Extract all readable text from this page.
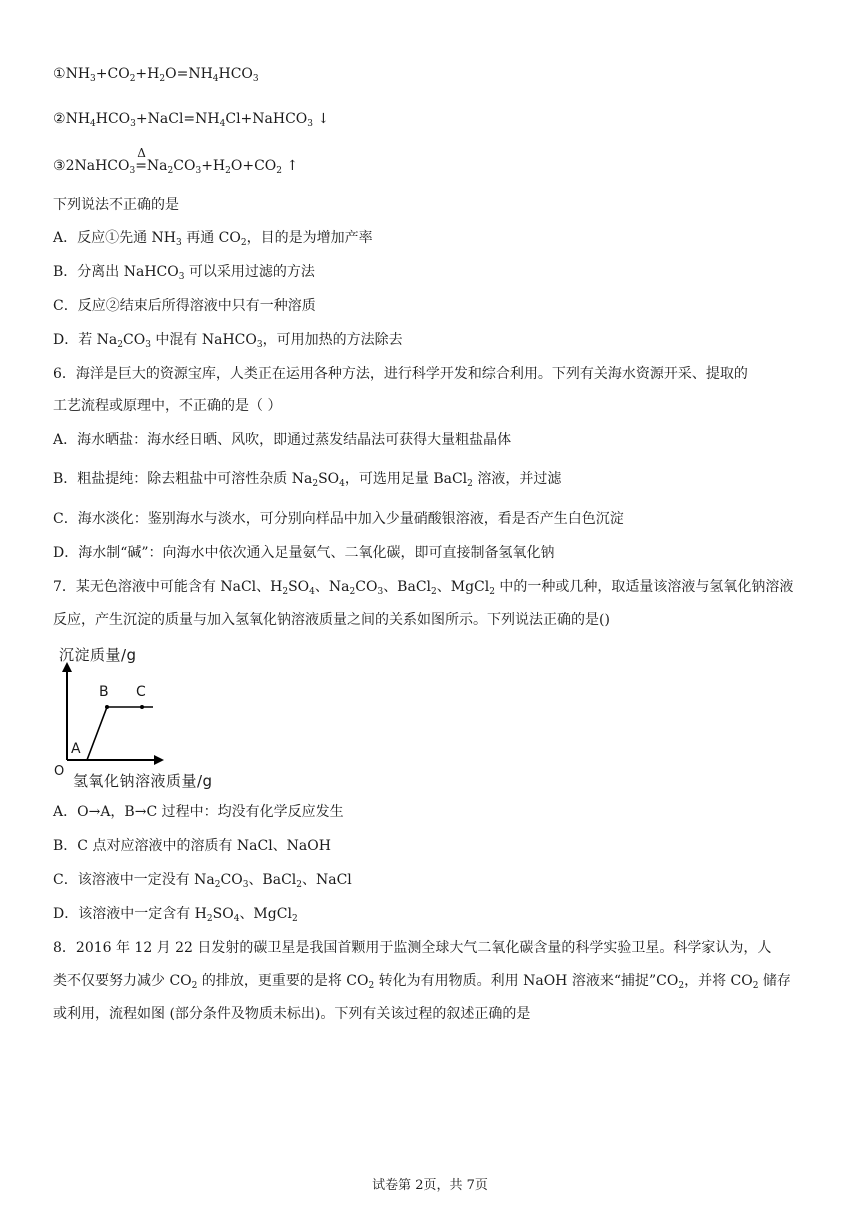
$①NH_3+CO_2+H_2O=NH_4HCO_3$
$②NH_4HCO_3+NaCl=NH_4Cl+NaHCO_3$ ↓
③2NaHCO$_3$
Δ
$=Na_2CO_3+H_2O+CO_2$ ↑
下列说法不正确的是
A．反应①先通 $NH_3$ 再通 $CO_2$，目的是为增加产率
B．分离出 NaHCO$_3$ 可以采用过滤的方法
C．反应②结束后所得溶液中只有一种溶质
D．若 $Na_2CO_3$ 中混有 NaHCO$_3$，可用加热的方法除去
6．海洋是巨大的资源宝库，人类正在运用各种方法，进行科学开发和综合利用。下列有关海水资源开采、提取的
工艺流程或原理中，不正确的是（ ）
A．海水晒盐：海水经日晒、风吹，即通过蒸发结晶法可获得大量粗盐晶体
B．粗盐提纯：除去粗盐中可溶性杂质 $Na_2SO_4$，可选用足量 BaCl$_2$ 溶液，并过滤
C．海水淡化：鉴别海水与淡水，可分别向样品中加入少量硝酸银溶液，看是否产生白色沉淀
D．海水制“碱”：向海水中依次通入足量氨气、二氧化碳，即可直接制备氢氧化钠
7．某无色溶液中可能含有 NaCl、$H_2SO_4$、$Na_2CO_3$、BaCl$_2$、MgCl$_2$ 中的一种或几种，取适量该溶液与氢氧化钠溶液
反应，产生沉淀的质量与加入氢氧化钠溶液质量之间的关系如图所示。下列说法正确的是()
沉淀质量/g
O
A
B C
氢氧化钠溶液质量/g
A．O→A，B→C 过程中：均没有化学反应发生
B．C 点对应溶液中的溶质有 NaCl、NaOH
C．该溶液中一定没有 $Na_2CO_3$、BaCl$_2$、NaCl
D．该溶液中一定含有 $H_2SO_4$、MgCl$_2$
8．2016 年 12 月 22 日发射的碳卫星是我国首颗用于监测全球大气二氧化碳含量的科学实验卫星。科学家认为，人
类不仅要努力减少 $CO_2$ 的排放，更重要的是将 $CO_2$ 转化为有用物质。利用 NaOH 溶液来“捕捉$”CO_2$，并将 $CO_2$ 储存
或利用，流程如图 (部分条件及物质未标出)。下列有关该过程的叙述正确的是
试卷第 2页，共 7页
